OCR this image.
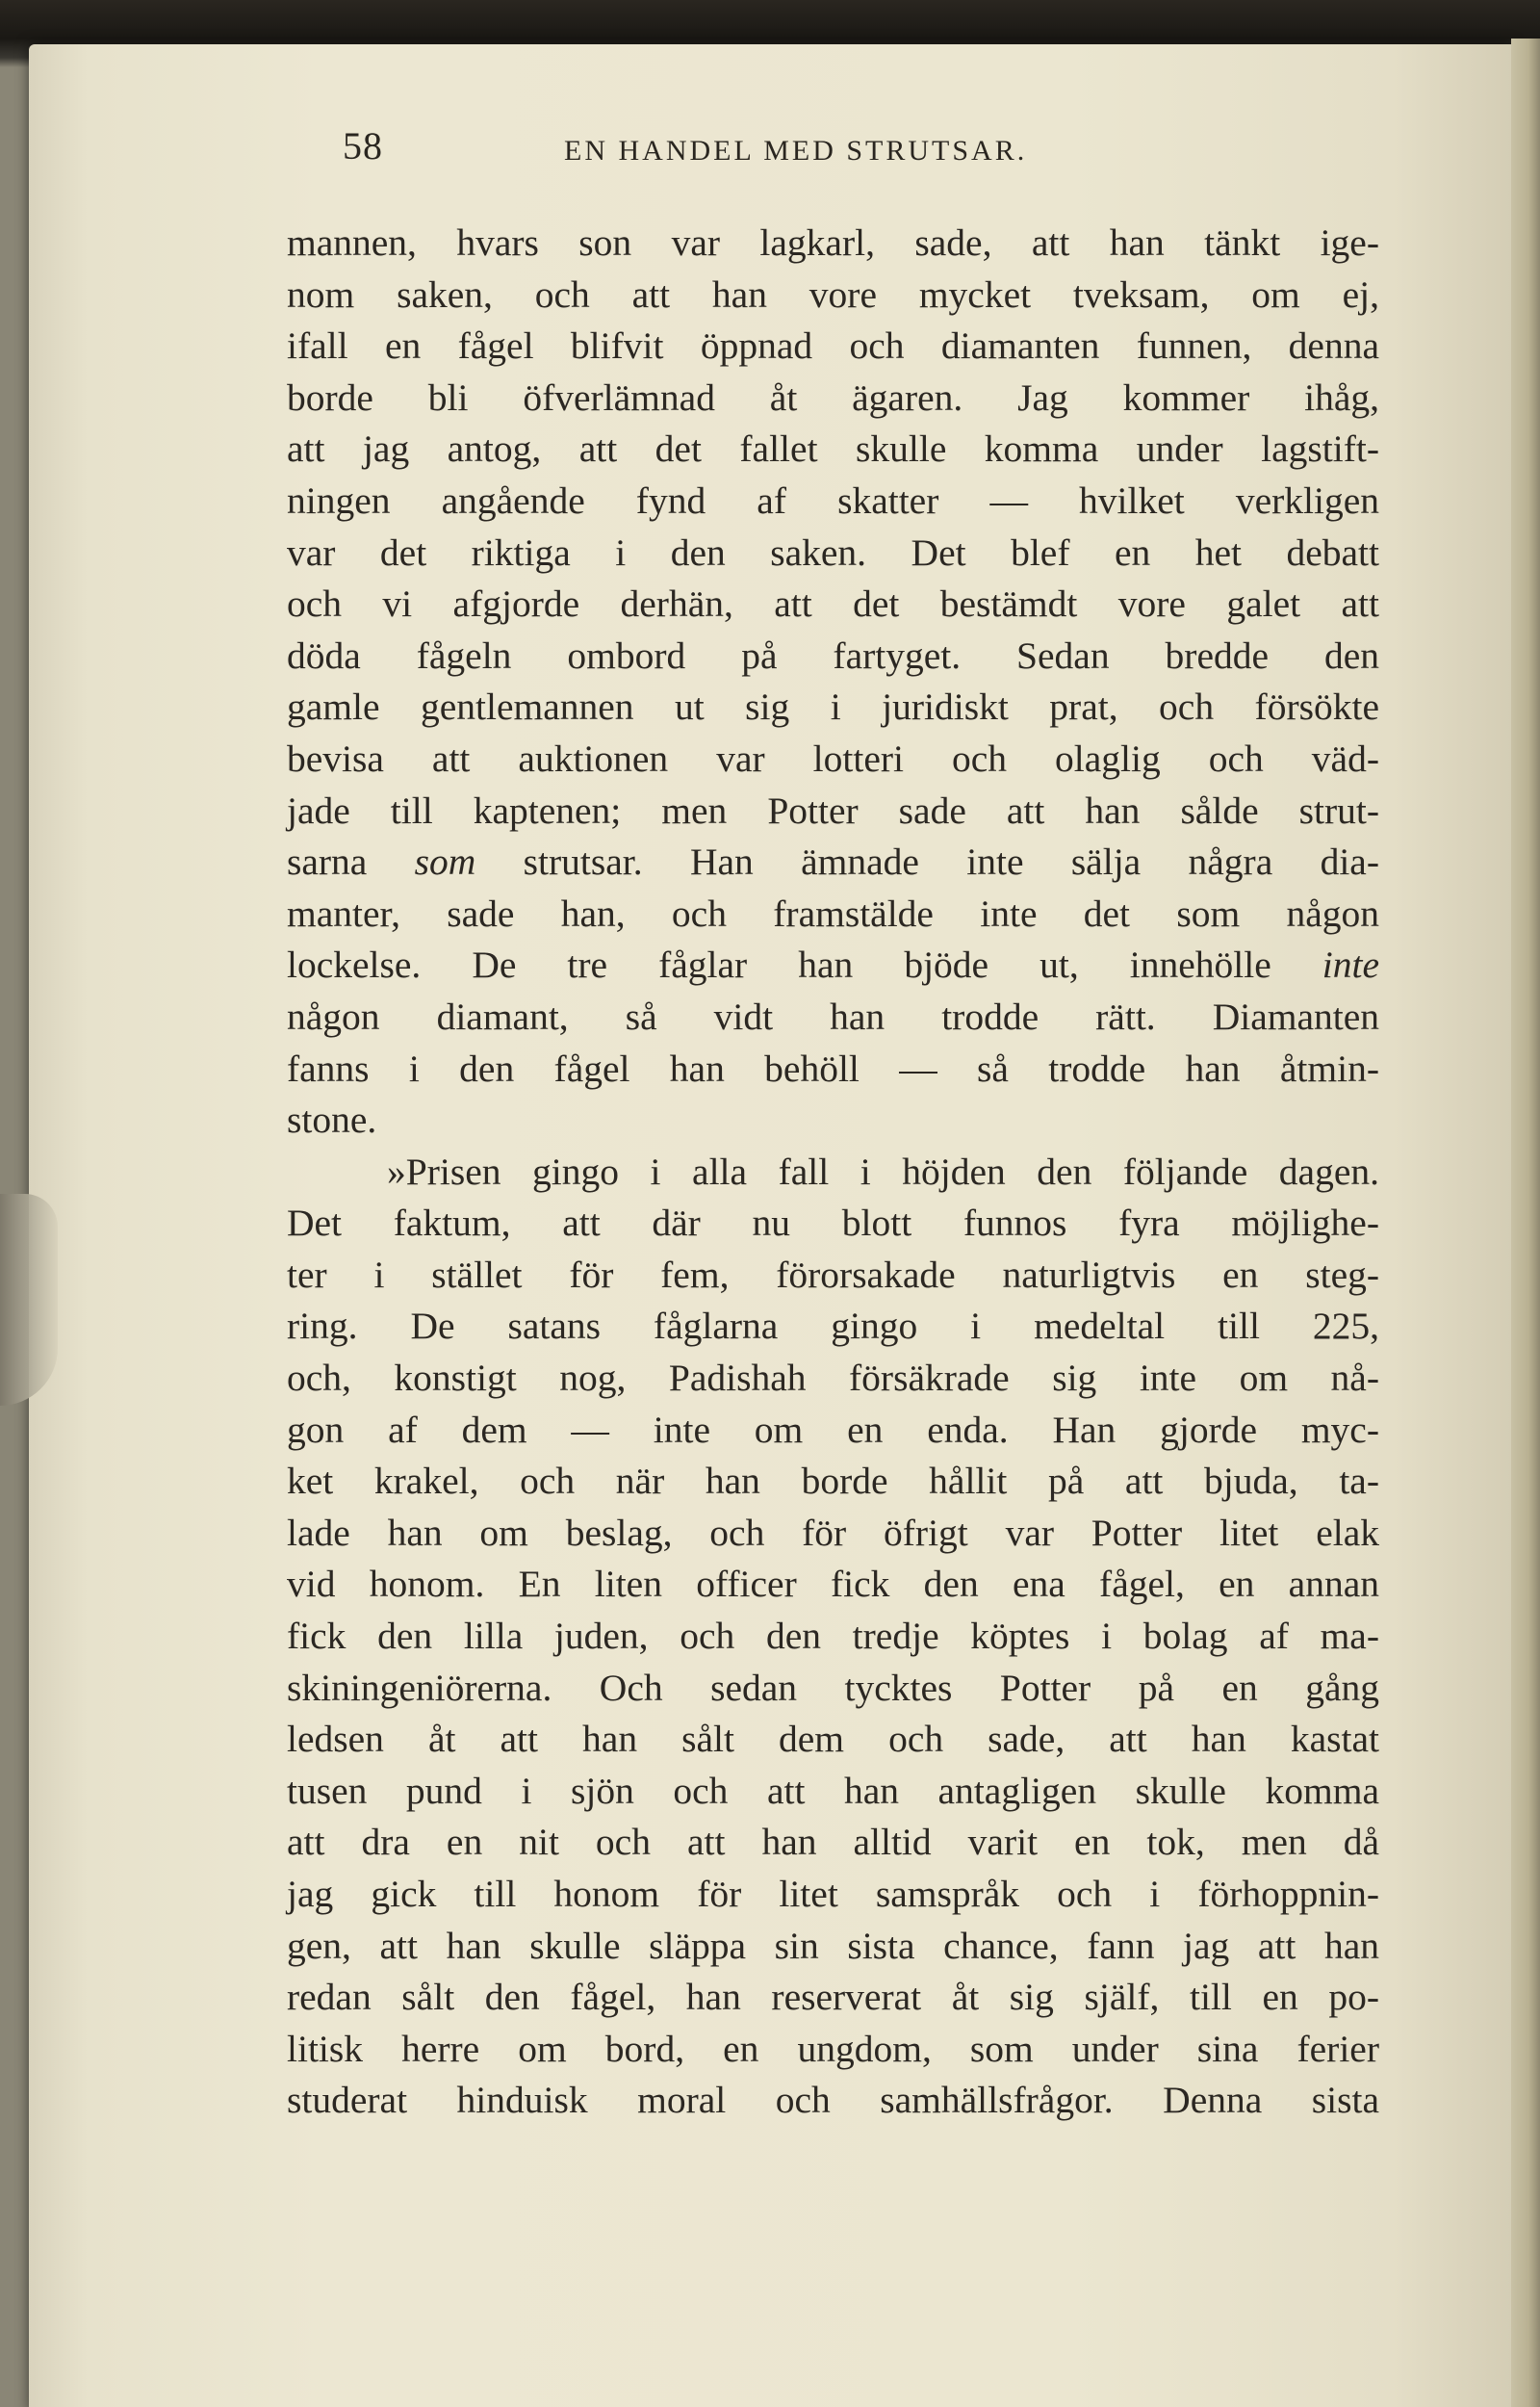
58	EN HANDEL MED STRUTSAR.
mannen, hvars son var lagkarl, sade, att han tänkt ige-
nom saken, och att han vore mycket tveksam, om ej,
ifall en fågel blifvit öppnad och diamanten funnen, denna
borde bli öfverlämnad åt ägaren. Jag kommer ihåg,
att jag antog, att det fallet skulle komma under lagstift-
ningen angående fynd af skatter — hvilket verkligen
var det riktiga i den saken. Det blef en het debatt
och vi afgjorde derhän, att det bestämdt vore galet att
döda fågeln ombord på fartyget. Sedan bredde den
gamle gentlemannen ut sig i juridiskt prat, och försökte
bevisa att auktionen var lotteri och olaglig och väd-
jade till kaptenen; men Potter sade att han sålde strut-
sarna som strutsar. Han ämnade inte sälja några dia-
manter, sade han, och framstälde inte det som någon
lockelse. De tre fåglar han bjöde ut, innehölle inte
någon diamant, så vidt han trodde rätt. Diamanten
fanns i den fågel han behöll — så trodde han åtmin-
stone.
»Prisen gingo i alla fall i höjden den följande dagen.
Det faktum, att där nu blott funnos fyra möjlighe-
ter i stället för fem, förorsakade naturligtvis en steg-
ring. De satans fåglarna gingo i medeltal till 225,
och, konstigt nog, Padishah försäkrade sig inte om nå-
gon af dem — inte om en enda. Han gjorde myc-
ket krakel, och när han borde hållit på att bjuda, ta-
lade han om beslag, och för öfrigt var Potter litet elak
vid honom. En liten officer fick den ena fågel, en annan
fick den lilla juden, och den tredje köptes i bolag af ma-
skiningeniörerna. Och sedan tycktes Potter på en gång
ledsen åt att han sålt dem och sade, att han kastat
tusen pund i sjön och att han antagligen skulle komma
att dra en nit och att han alltid varit en tok, men då
jag gick till honom för litet samspråk och i förhoppnin-
gen, att han skulle släppa sin sista chance, fann jag att han
redan sålt den fågel, han reserverat åt sig själf, till en po-
litisk herre om bord, en ungdom, som under sina ferier
studerat hinduisk moral och samhällsfrågor. Denna sista
